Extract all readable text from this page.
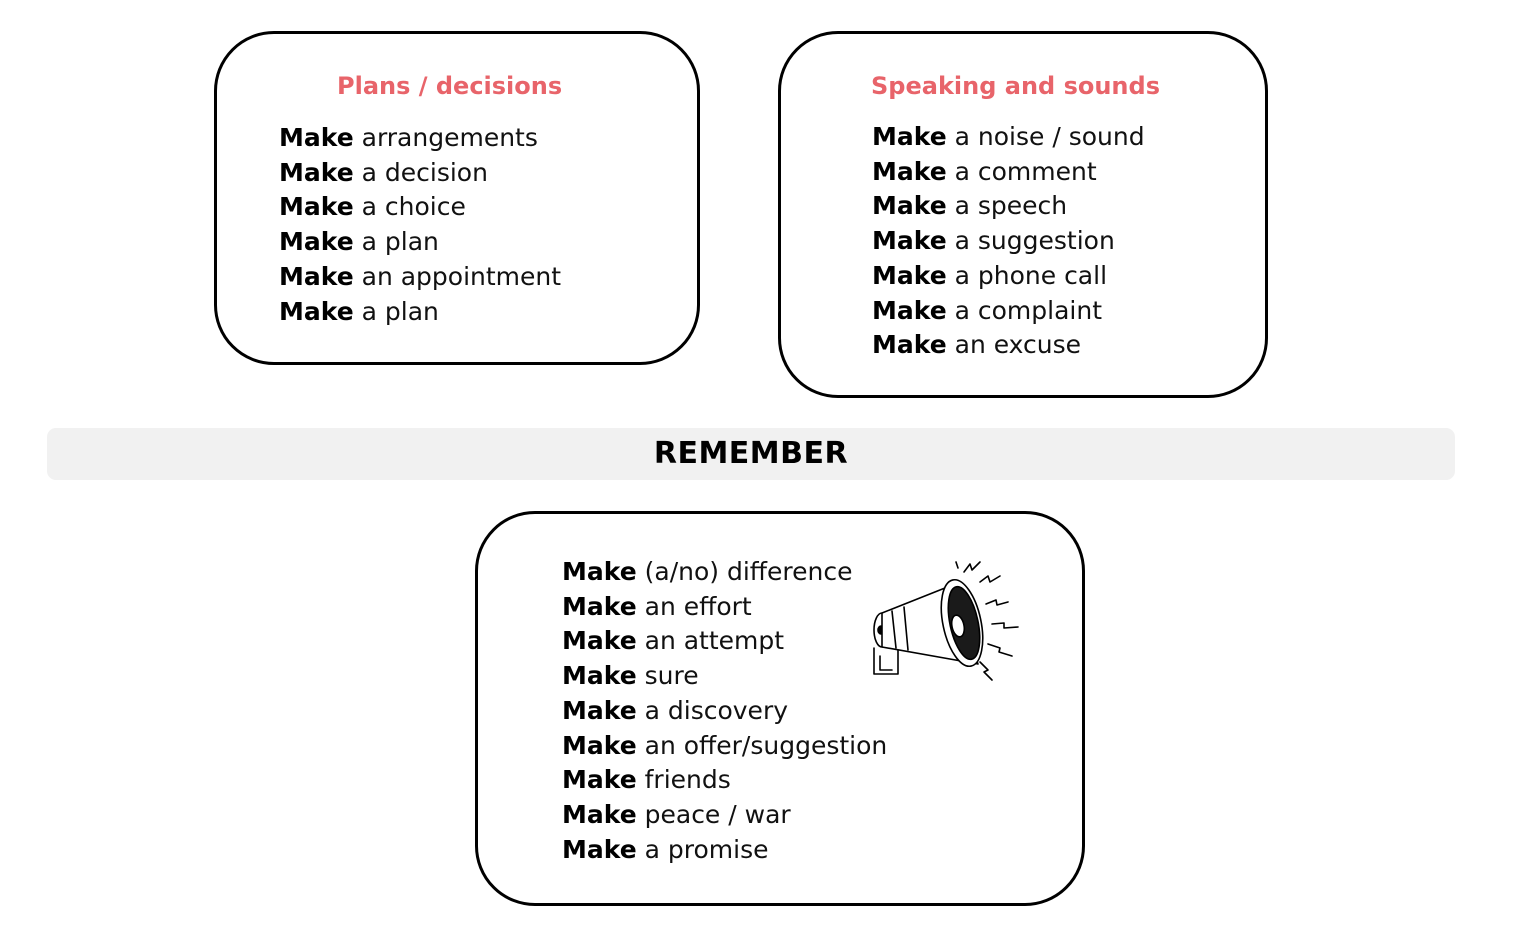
Plans / decisions
Make arrangements
Make a decision
Make a choice
Make a plan
Make an appointment
Make a plan
Speaking and sounds
Make a noise / sound
Make a comment
Make a speech
Make a suggestion
Make a phone call
Make a complaint
Make an excuse
REMEMBER
Make (a/no) difference
Make an effort
Make an attempt
Make sure
Make a discovery
Make an offer/suggestion
Make friends
Make peace / war
Make a promise
